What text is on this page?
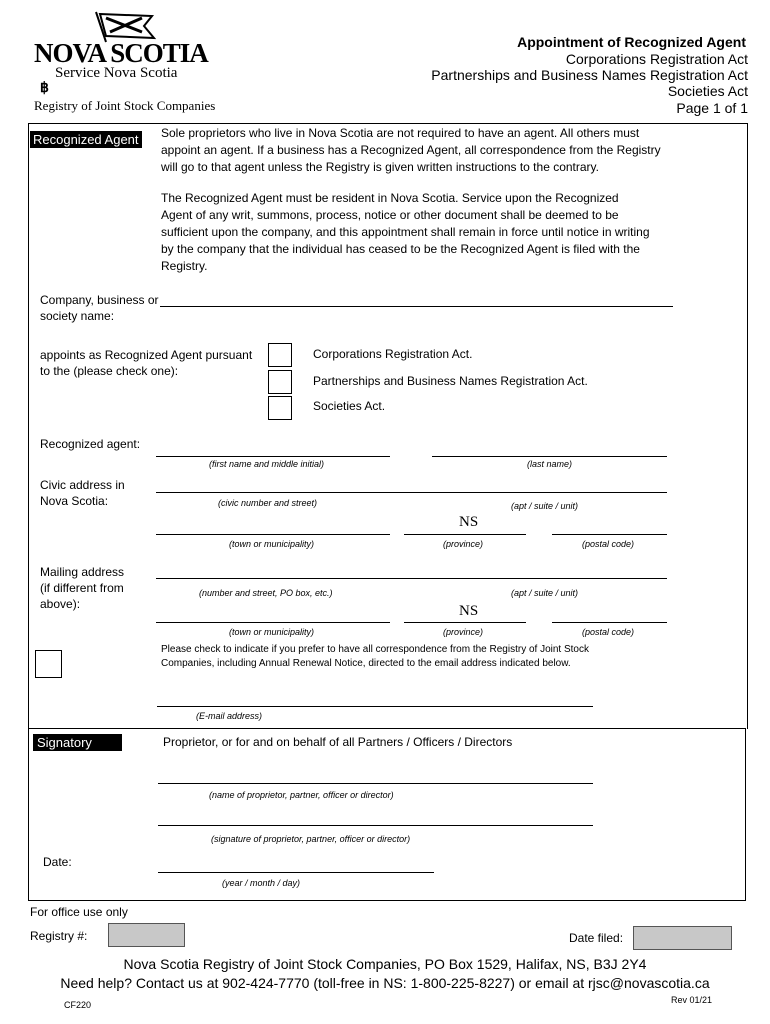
NOVA SCOTIA
Service Nova Scotia
฿
Registry of Joint Stock Companies
Appointment of Recognized Agent
Corporations Registration Act
Partnerships and Business Names Registration Act
Societies Act
Page 1 of 1
Recognized Agent Sole proprietors who live in Nova Scotia are not required to have an agent. All others must appoint an agent. If a business has a Recognized Agent, all correspondence from the Registry will go to that agent unless the Registry is given written instructions to the contrary.
The Recognized Agent must be resident in Nova Scotia. Service upon the Recognized Agent of any writ, summons, process, notice or other document shall be deemed to be sufficient upon the company, and this appointment shall remain in force until notice in writing by the company that the individual has ceased to be the Recognized Agent is filed with the Registry.
Company, business or society name:
appoints as Recognized Agent pursuant to the (please check one):
Corporations Registration Act.
Partnerships and Business Names Registration Act.
Societies Act.
Recognized agent:
(first name and middle initial)	(last name)
Civic address in Nova Scotia:	(civic number and street)	(apt / suite / unit)
NS
(town or municipality)	(province)	(postal code)
Mailing address (if different from above):
(number and street, PO box, etc.)	(apt / suite / unit)
NS
(town or municipality)	(province)	(postal code)
Please check to indicate if you prefer to have all correspondence from the Registry of Joint Stock Companies, including Annual Renewal Notice, directed to the email address indicated below.
(E-mail address)
Signatory	Proprietor, or for and on behalf of all Partners / Officers / Directors
(name of proprietor, partner, officer or director)
(signature of proprietor, partner, officer or director)
Date:
(year / month / day)
For office use only
Registry #:	Date filed:
Nova Scotia Registry of Joint Stock Companies, PO Box 1529, Halifax, NS, B3J 2Y4
Need help? Contact us at 902-424-7770 (toll-free in NS: 1-800-225-8227) or email at rjsc@novascotia.ca
CF220	Rev 01/21
